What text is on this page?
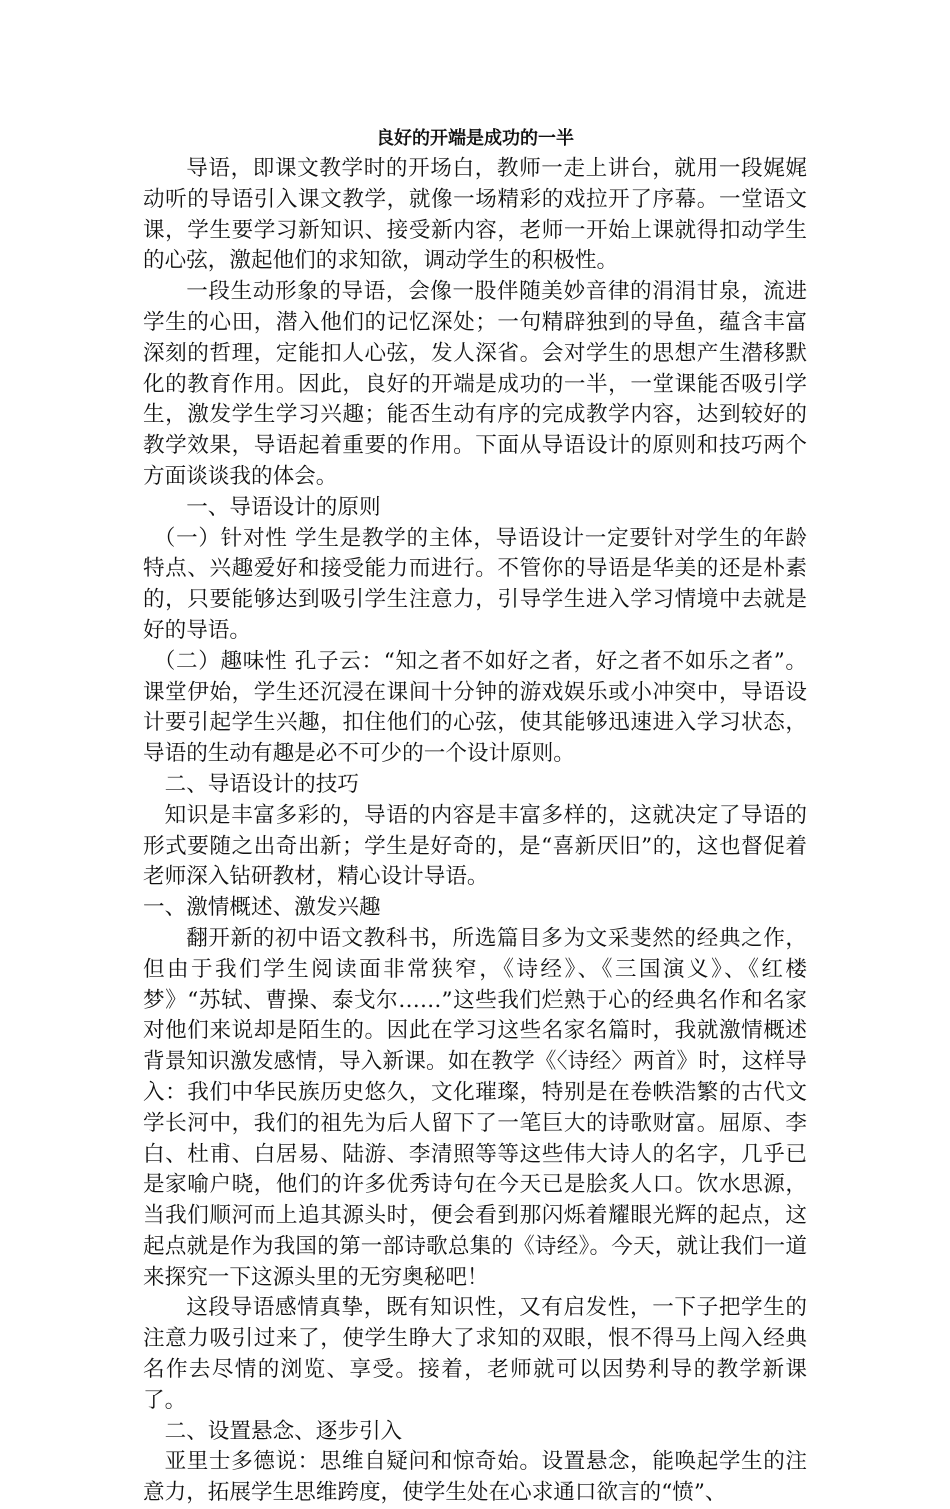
良好的开端是成功的一半

导语，即课文教学时的开场白，教师一走上讲台，就用一段娓娓动听的导语引入课文教学，就像一场精彩的戏拉开了序幕。一堂语文课，学生要学习新知识、接受新内容，老师一开始上课就得扣动学生的心弦，激起他们的求知欲，调动学生的积极性。

一段生动形象的导语，会像一股伴随美妙音律的涓涓甘泉，流进学生的心田，潜入他们的记忆深处；一句精辟独到的导鱼，蕴含丰富深刻的哲理，定能扣人心弦，发人深省。会对学生的思想产生潜移默化的教育作用。因此，良好的开端是成功的一半，一堂课能否吸引学生，激发学生学习兴趣；能否生动有序的完成教学内容，达到较好的教学效果，导语起着重要的作用。下面从导语设计的原则和技巧两个方面谈谈我的体会。

一、导语设计的原则

（一）针对性 学生是教学的主体，导语设计一定要针对学生的年龄特点、兴趣爱好和接受能力而进行。不管你的导语是华美的还是朴素的，只要能够达到吸引学生注意力，引导学生进入学习情境中去就是好的导语。

（二）趣味性 孔子云：“知之者不如好之者，好之者不如乐之者”。课堂伊始，学生还沉浸在课间十分钟的游戏娱乐或小冲突中，导语设计要引起学生兴趣，扣住他们的心弦，使其能够迅速进入学习状态，导语的生动有趣是必不可少的一个设计原则。

二、导语设计的技巧

知识是丰富多彩的，导语的内容是丰富多样的，这就决定了导语的形式要随之出奇出新；学生是好奇的，是“喜新厌旧”的，这也督促着老师深入钻研教材，精心设计导语。

一、激情概述、激发兴趣

翻开新的初中语文教科书，所选篇目多为文采斐然的经典之作，但由于我们学生阅读面非常狭窄，《诗经》、《三国演义》、《红楼梦》“苏轼、曹操、泰戈尔……”这些我们烂熟于心的经典名作和名家对他们来说却是陌生的。因此在学习这些名家名篇时，我就激情概述背景知识激发感情，导入新课。如在教学《〈诗经〉两首》时，这样导入：我们中华民族历史悠久，文化璀璨，特别是在卷帙浩繁的古代文学长河中，我们的祖先为后人留下了一笔巨大的诗歌财富。屈原、李白、杜甫、白居易、陆游、李清照等等这些伟大诗人的名字，几乎已是家喻户晓，他们的许多优秀诗句在今天已是脍炙人口。饮水思源，当我们顺河而上追其源头时，便会看到那闪烁着耀眼光辉的起点，这起点就是作为我国的第一部诗歌总集的《诗经》。今天，就让我们一道来探究一下这源头里的无穷奥秘吧！

这段导语感情真挚，既有知识性，又有启发性，一下子把学生的注意力吸引过来了，使学生睁大了求知的双眼，恨不得马上闯入经典名作去尽情的浏览、享受。接着，老师就可以因势利导的教学新课了。

二、设置悬念、逐步引入

亚里士多德说：思维自疑问和惊奇始。设置悬念，能唤起学生的注意力，拓展学生思维跨度，使学生处在心求通口欲言的“愤”、
